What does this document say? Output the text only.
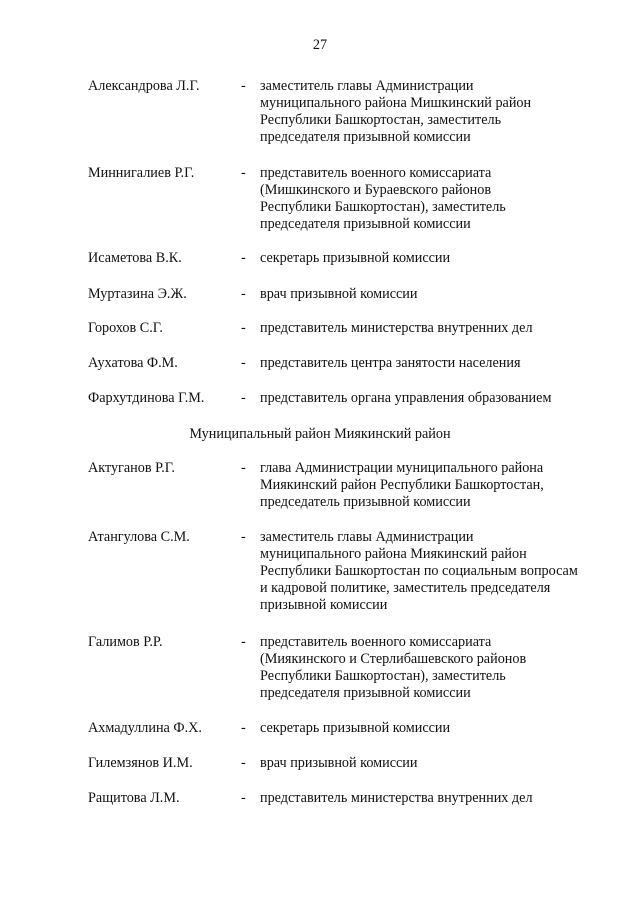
27
Александрова Л.Г.	- заместитель главы Администрации
муниципального района Мишкинский район
Республики Башкортостан, заместитель
председателя призывной комиссии
Миннигалиев Р.Г.	- представитель военного комиссариата
(Мишкинского и Бураевского районов
Республики Башкортостан), заместитель
председателя призывной комиссии
Исаметова В.К.	- секретарь призывной комиссии
Муртазина Э.Ж.	- врач призывной комиссии
Горохов С.Г.	- представитель министерства внутренних дел
Аухатова Ф.М.	- представитель центра занятости населения
Фархутдинова Г.М.	- представитель органа управления образованием
Актуганов Р.Г.	- глава Администрации муниципального района
Миякинский район Республики Башкортостан,
председатель призывной комиссии
Атангулова С.М.	- заместитель главы Администрации
муниципального района Миякинский район
Республики Башкортостан по социальным вопросам
и кадровой политике, заместитель председателя
призывной комиссии
Галимов Р.Р.	- представитель военного комиссариата
(Миякинского и Стерлибашевского районов
Республики Башкортостан), заместитель
председателя призывной комиссии
Ахмадуллина Ф.Х.	- секретарь призывной комиссии
Гилемзянов И.М.	- врач призывной комиссии
Ращитова Л.М.	- представитель министерства внутренних дел
Муниципальный район Миякинский район
